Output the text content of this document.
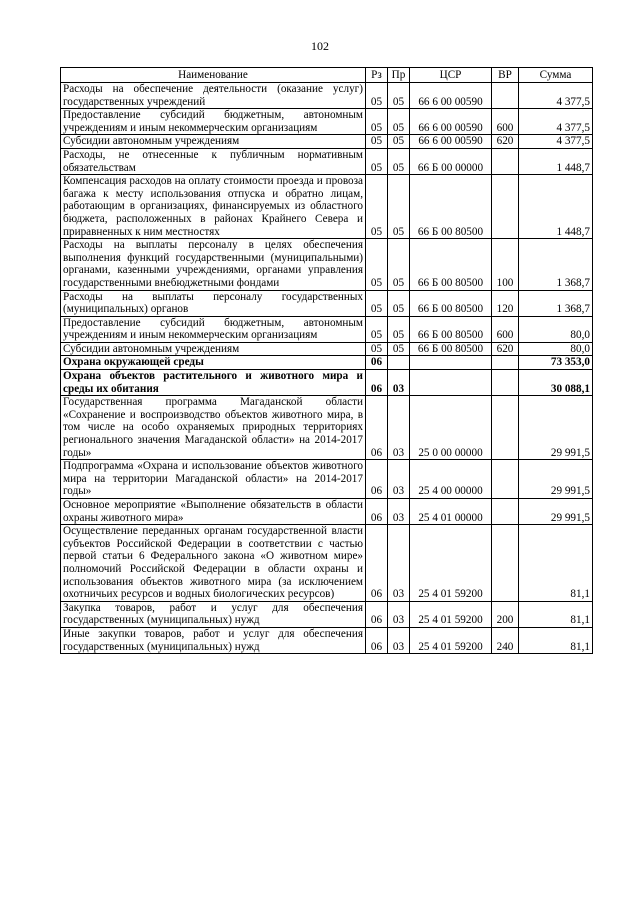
102
Наименование	Рз	Пр	ЦСР	ВР	Сумма
Расходы на обеспечение деятельности (оказание услуг) государственных учреждений	05	05	66 6 00 00590		4 377,5
Предоставление субсидий бюджетным, автономным учреждениям и иным некоммерческим организациям	05	05	66 6 00 00590	600	4 377,5
Субсидии автономным учреждениям	05	05	66 6 00 00590	620	4 377,5
Расходы, не отнесенные к публичным нормативным обязательствам	05	05	66 Б 00 00000		1 448,7
Компенсация расходов на оплату стоимости проезда и провоза багажа к месту использования отпуска и обратно лицам, работающим в организациях, финансируемых из областного бюджета, расположенных в районах Крайнего Севера и приравненных к ним местностях	05	05	66 Б 00 80500		1 448,7
Расходы на выплаты персоналу в целях обеспечения выполнения функций государственными (муниципальными) органами, казенными учреждениями, органами управления государственными внебюджетными фондами	05	05	66 Б 00 80500	100	1 368,7
Расходы на выплаты персоналу государственных (муниципальных) органов	05	05	66 Б 00 80500	120	1 368,7
Предоставление субсидий бюджетным, автономным учреждениям и иным некоммерческим организациям	05	05	66 Б 00 80500	600	80,0
Субсидии автономным учреждениям	05	05	66 Б 00 80500	620	80,0
Охрана окружающей среды	06				73 353,0
Охрана объектов растительного и животного мира и среды их обитания	06	03			30 088,1
Государственная программа Магаданской области «Сохранение и воспроизводство объектов животного мира, в том числе на особо охраняемых природных территориях регионального значения Магаданской области» на 2014-2017 годы»	06	03	25 0 00 00000		29 991,5
Подпрограмма «Охрана и использование объектов животного мира на территории Магаданской области» на 2014-2017 годы»	06	03	25 4 00 00000		29 991,5
Основное мероприятие «Выполнение обязательств в области охраны животного мира»	06	03	25 4 01 00000		29 991,5
Осуществление переданных органам государственной власти субъектов Российской Федерации в соответствии с частью первой статьи 6 Федерального закона «О животном мире» полномочий Российской Федерации в области охраны и использования объектов животного мира (за исключением охотничьих ресурсов и водных биологических ресурсов)	06	03	25 4 01 59200		81,1
Закупка товаров, работ и услуг для обеспечения государственных (муниципальных) нужд	06	03	25 4 01 59200	200	81,1
Иные закупки товаров, работ и услуг для обеспечения государственных (муниципальных) нужд	06	03	25 4 01 59200	240	81,1
